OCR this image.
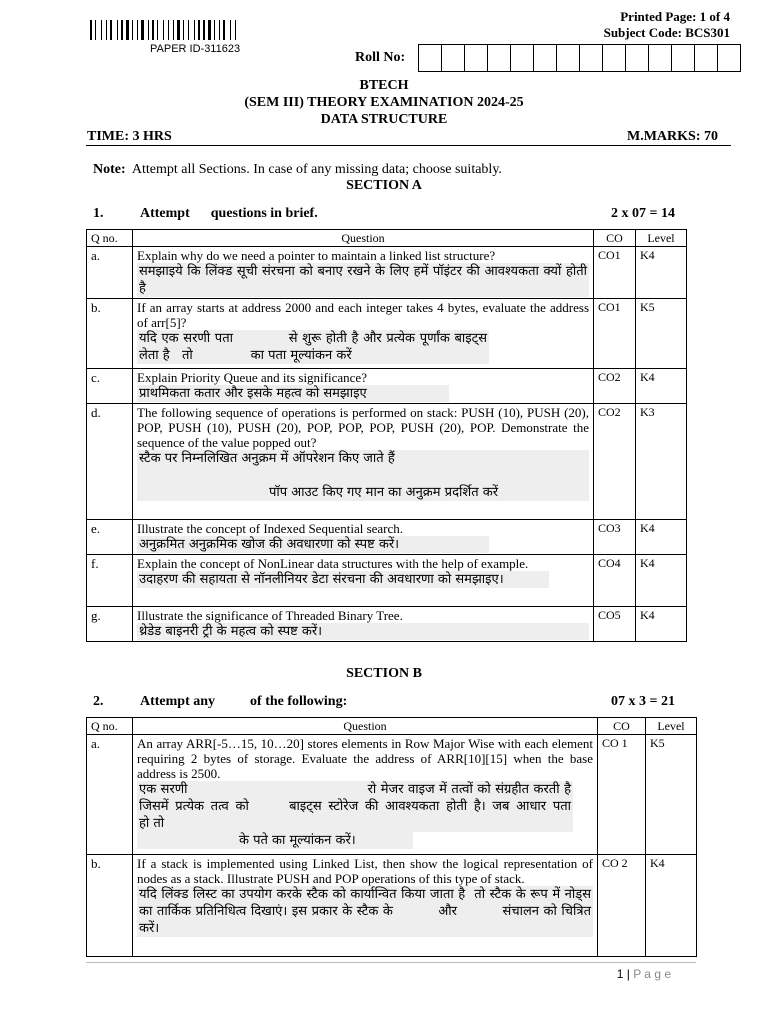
PAPER ID-311623
Printed Page: 1 of 4
Subject Code: BCS301
Roll No:
BTECH
(SEM III) THEORY EXAMINATION 2024-25
DATA STRUCTURE
TIME: 3 HRS	M.MARKS: 70
Note: Attempt all Sections. In case of any missing data; choose suitably.
SECTION A
1.	Attempt      questions in brief.	2 x 07 = 14
Q no.	Question	CO	Level
a.	Explain why do we need a pointer to maintain a linked list structure?
समझाइये कि लिंक्ड सूची संरचना को बनाए रखने के लिए हमें पॉइंटर की आवश्यकता क्यों होती है	CO1	K4
b.	If an array starts at address 2000 and each integer takes 4 bytes, evaluate the address of arr[5]?
यदि एक सरणी पता            से शुरू होती है और प्रत्येक पूर्णांक बाइट्स लेता है   तो              का पता मूल्यांकन करें	CO1	K5
c.	Explain Priority Queue and its significance?
प्राथमिकता कतार और इसके महत्व को समझाइए	CO2	K4
d.	The following sequence of operations is performed on stack: PUSH (10), PUSH (20), POP, PUSH (10), PUSH (20), POP, POP, POP, PUSH (20), POP. Demonstrate the sequence of the value popped out?
स्टैक पर निम्नलिखित अनुक्रम में ऑपरेशन किए जाते हैं
पॉप आउट किए गए मान का अनुक्रम प्रदर्शित करें	CO2	K3
e.	Illustrate the concept of Indexed Sequential search.
अनुक्रमित अनुक्रमिक खोज की अवधारणा को स्पष्ट करें।	CO3	K4
f.	Explain the concept of NonLinear data structures with the help of example.
उदाहरण की सहायता से नॉनलीनियर डेटा संरचना की अवधारणा को समझाइए।	CO4	K4
g.	Illustrate the significance of Threaded Binary Tree.
थ्रेडेड बाइनरी ट्री के महत्व को स्पष्ट करें।	CO5	K4
SECTION B
2.	Attempt any          of the following:	07 x 3 = 21
Q no.	Question	CO	Level
a.	An array ARR[-5…15, 10…20] stores elements in Row Major Wise with each element requiring 2 bytes of storage. Evaluate the address of ARR[10][15] when the base address is 2500.
एक सरणी                                        रो मेजर वाइज में तत्वों को संग्रहीत करती है  जिसमें प्रत्येक तत्व को      बाइट्स स्टोरेज की आवश्यकता होती है। जब आधार पता            हो तो
के पते का मूल्यांकन करें।	CO 1	K5
b.	If a stack is implemented using Linked List, then show the logical representation of nodes as a stack. Illustrate PUSH and POP operations of this type of stack.
यदि लिंक्ड लिस्ट का उपयोग करके स्टैक को कार्यान्वित किया जाता है  तो स्टैक के रूप में नोड्स का तार्किक प्रतिनिधित्व दिखाएं। इस प्रकार के स्टैक के          और          संचालन को चित्रित करें।	CO 2	K4
1 | P a g e
